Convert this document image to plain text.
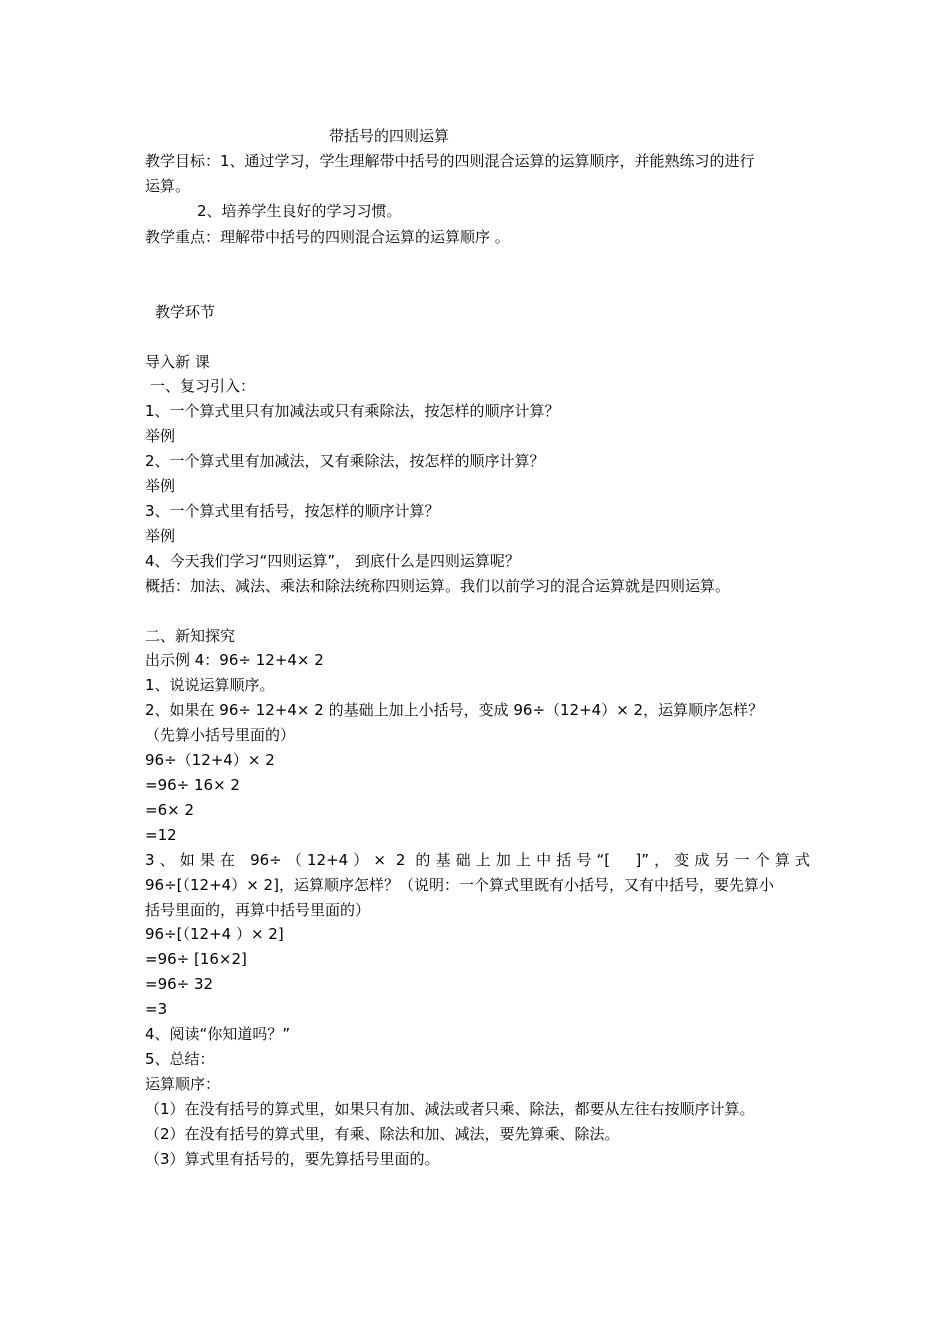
带括号的四则运算
教学目标：1、通过学习，学生理解带中括号的四则混合运算的运算顺序，并能熟练习的进行
运算。
2、培养学生良好的学习习惯。
教学重点：理解带中括号的四则混合运算的运算顺序 。
教学环节
导入新 课
一、复习引入：
1、一个算式里只有加减法或只有乘除法，按怎样的顺序计算？
举例
2、一个算式里有加减法，又有乘除法，按怎样的顺序计算？
举例
3、一个算式里有括号，按怎样的顺序计算？
举例
4、今天我们学习“四则运算”， 到底什么是四则运算呢？
概括：加法、减法、乘法和除法统称四则运算。我们以前学习的混合运算就是四则运算。
二、新知探究
出示例 4：96÷ 12+4× 2
1、说说运算顺序。
2、如果在 96÷ 12+4× 2 的基础上加上小括号，变成 96÷（12+4）× 2，运算顺序怎样？
（先算小括号里面的）
96÷（12+4）× 2
=96÷ 16× 2
=6× 2
=12
3、如果在 96÷（12+4）× 2 的基础上加上中括号“[　]”，变成另一个算式
96÷[（12+4）× 2]，运算顺序怎样？（说明：一个算式里既有小括号，又有中括号，要先算小
括号里面的，再算中括号里面的）
96÷[（12+4 ）× 2]
=96÷ [16×2]
=96÷ 32
=3
4、阅读“你知道吗？”
5、总结：
运算顺序：
（1）在没有括号的算式里，如果只有加、减法或者只乘、除法，都要从左往右按顺序计算。
（2）在没有括号的算式里，有乘、除法和加、减法，要先算乘、除法。
（3）算式里有括号的，要先算括号里面的。
